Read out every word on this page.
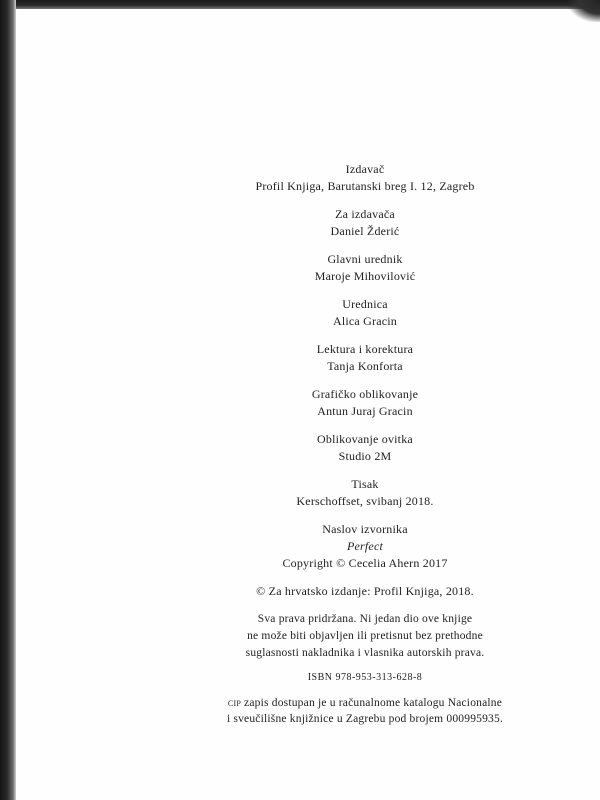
Izdavač
Profil Knjiga, Barutanski breg I. 12, Zagreb
Za izdavača
Daniel Žderić
Glavni urednik
Maroje Mihovilović
Urednica
Alica Gracin
Lektura i korektura
Tanja Konforta
Grafičko oblikovanje
Antun Juraj Gracin
Oblikovanje ovitka
Studio 2M
Tisak
Kerschoffset, svibanj 2018.
Naslov izvornika
Perfect
Copyright © Cecelia Ahern 2017
© Za hrvatsko izdanje: Profil Knjiga, 2018.
Sva prava pridržana. Ni jedan dio ove knjige
ne može biti objavljen ili pretisnut bez prethodne
suglasnosti nakladnika i vlasnika autorskih prava.
ISBN 978-953-313-628-8
cip zapis dostupan je u računalnome katalogu Nacionalne
i sveučilišne knjižnice u Zagrebu pod brojem 000995935.
